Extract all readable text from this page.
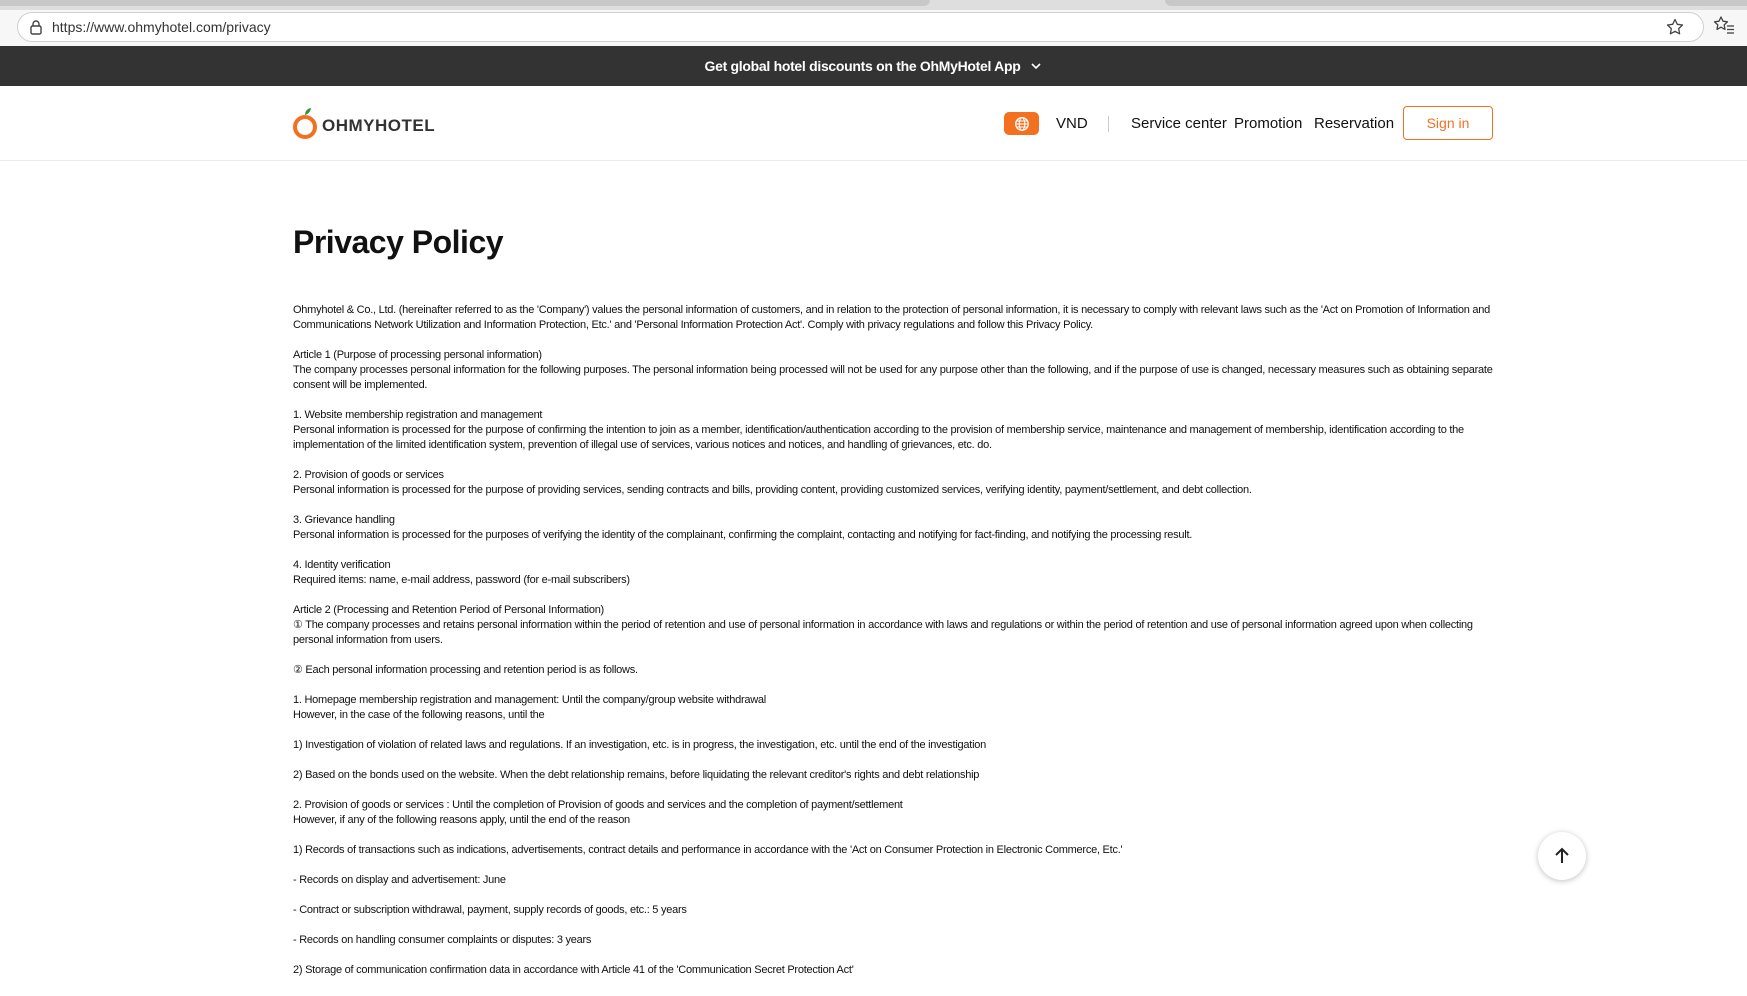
https://www.ohmyhotel.com/privacy
Get global hotel discounts on the OhMyHotel App
OHMYHOTEL	VND	Service center Promotion Reservation	Sign in
Privacy Policy

Ohmyhotel & Co., Ltd. (hereinafter referred to as the 'Company') values the personal information of customers, and in relation to the protection of personal information, it is necessary to comply with relevant laws such as the 'Act on Promotion of Information and Communications Network Utilization and Information Protection, Etc.' and 'Personal Information Protection Act'. Comply with privacy regulations and follow this Privacy Policy.

Article 1 (Purpose of processing personal information)
The company processes personal information for the following purposes. The personal information being processed will not be used for any purpose other than the following, and if the purpose of use is changed, necessary measures such as obtaining separate consent will be implemented.

1. Website membership registration and management
Personal information is processed for the purpose of confirming the intention to join as a member, identification/authentication according to the provision of membership service, maintenance and management of membership, identification according to the implementation of the limited identification system, prevention of illegal use of services, various notices and notices, and handling of grievances, etc. do.

2. Provision of goods or services
Personal information is processed for the purpose of providing services, sending contracts and bills, providing content, providing customized services, verifying identity, payment/settlement, and debt collection.

3. Grievance handling
Personal information is processed for the purposes of verifying the identity of the complainant, confirming the complaint, contacting and notifying for fact-finding, and notifying the processing result.

4. Identity verification
Required items: name, e-mail address, password (for e-mail subscribers)

Article 2 (Processing and Retention Period of Personal Information)
① The company processes and retains personal information within the period of retention and use of personal information in accordance with laws and regulations or within the period of retention and use of personal information agreed upon when collecting personal information from users.

② Each personal information processing and retention period is as follows.

1. Homepage membership registration and management: Until the company/group website withdrawal
However, in the case of the following reasons, until the

1) Investigation of violation of related laws and regulations. If an investigation, etc. is in progress, the investigation, etc. until the end of the investigation

2) Based on the bonds used on the website. When the debt relationship remains, before liquidating the relevant creditor's rights and debt relationship

2. Provision of goods or services : Until the completion of Provision of goods and services and the completion of payment/settlement
However, if any of the following reasons apply, until the end of the reason

1) Records of transactions such as indications, advertisements, contract details and performance in accordance with the 'Act on Consumer Protection in Electronic Commerce, Etc.'

- Records on display and advertisement: June

- Contract or subscription withdrawal, payment, supply records of goods, etc.: 5 years

- Records on handling consumer complaints or disputes: 3 years

2) Storage of communication confirmation data in accordance with Article 41 of the 'Communication Secret Protection Act'
